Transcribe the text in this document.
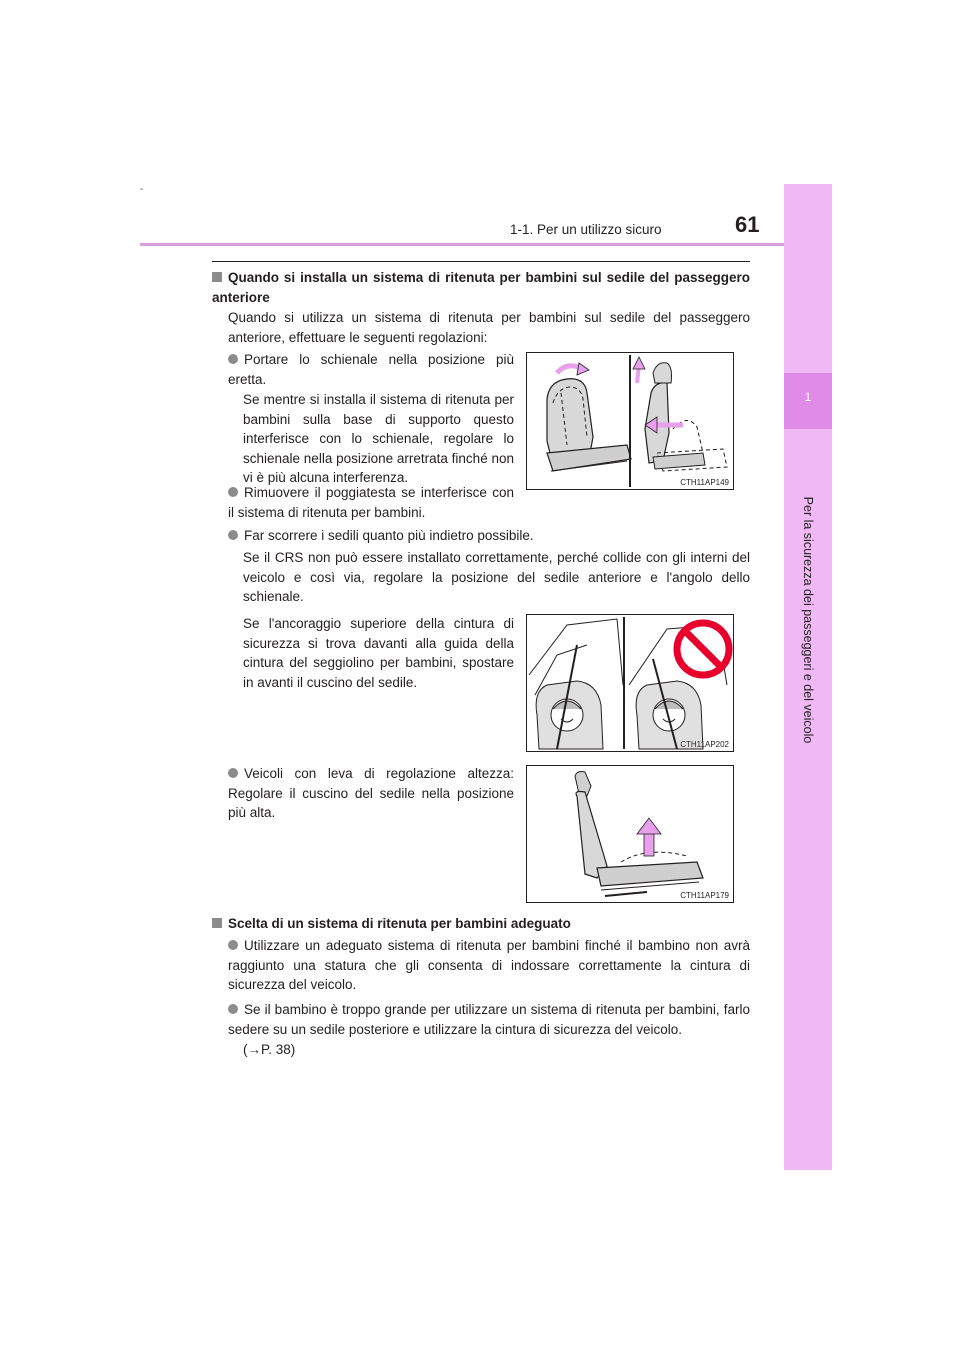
-
1-1. Per un utilizzo sicuro	61
1
Per la sicurezza dei passeggeri e del veicolo
Quando si installa un sistema di ritenuta per bambini sul sedile del passeggero anteriore
Quando si utilizza un sistema di ritenuta per bambini sul sedile del passeggero anteriore, effettuare le seguenti regolazioni:
Portare lo schienale nella posizione più eretta.
Se mentre si installa il sistema di ritenuta per bambini sulla base di supporto questo interferisce con lo schienale, regolare lo schienale nella posizione arretrata finché non vi è più alcuna interferenza.
Rimuovere il poggiatesta se interferisce con il sistema di ritenuta per bambini.
CTH11AP149
Far scorrere i sedili quanto più indietro possibile.
Se il CRS non può essere installato correttamente, perché collide con gli interni del veicolo e così via, regolare la posizione del sedile anteriore e l'angolo dello schienale.
Se l'ancoraggio superiore della cintura di sicurezza si trova davanti alla guida della cintura del seggiolino per bambini, spostare in avanti il cuscino del sedile.
CTH11AP202
Veicoli con leva di regolazione altezza: Regolare il cuscino del sedile nella posizione più alta.
CTH11AP179
Scelta di un sistema di ritenuta per bambini adeguato
Utilizzare un adeguato sistema di ritenuta per bambini finché il bambino non avrà raggiunto una statura che gli consenta di indossare correttamente la cintura di sicurezza del veicolo.
Se il bambino è troppo grande per utilizzare un sistema di ritenuta per bambini, farlo sedere su un sedile posteriore e utilizzare la cintura di sicurezza del veicolo.
(→P. 38)
